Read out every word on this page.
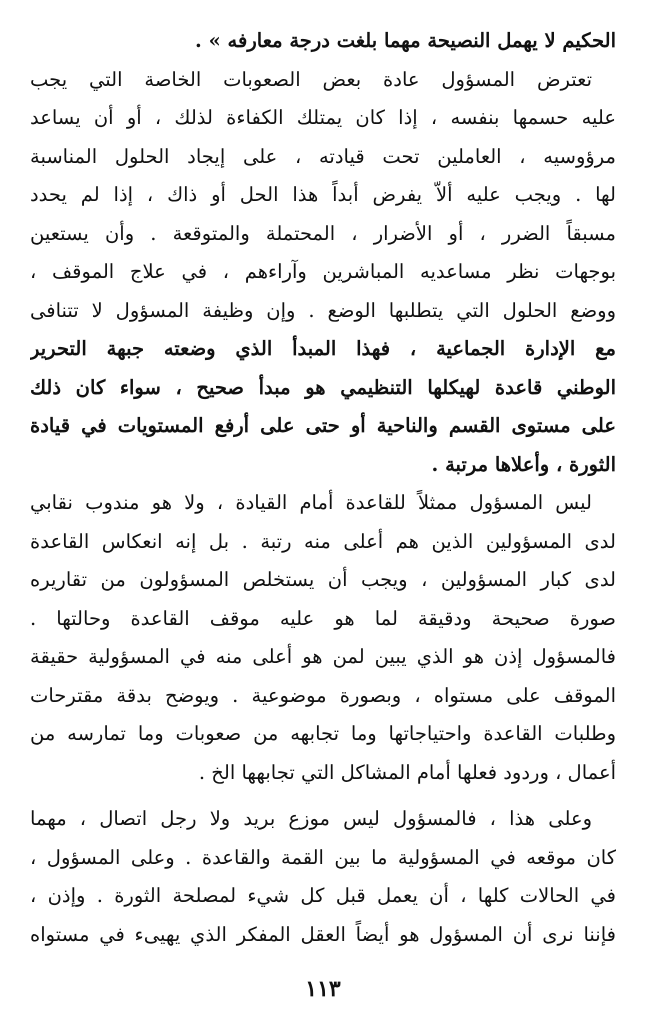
الحكيم لا يهمل النصيحة مهما بلغت درجة معارفه » .
تعترض المسؤول عادة بعض الصعوبات الخاصة التي يجب
عليه حسمها بنفسه ، إذا كان يمتلك الكفاءة لذلك ، أو أن يساعد
مرؤوسيه ، العاملين تحت قيادته ، على إيجاد الحلول المناسبة
لها . ويجب عليه ألاّ يفرض أبداً هذا الحل أو ذاك ، إذا لم يحدد
مسبقاً الضرر ، أو الأضرار ، المحتملة والمتوقعة . وأن يستعين
بوجهات نظر مساعديه المباشرين وآراءهم ، في علاج الموقف ،
ووضع الحلول التي يتطلبها الوضع . وإن وظيفة المسؤول لا تتنافى
مع الإدارة الجماعية ، فهذا المبدأ الذي وضعته جبهة التحرير
الوطني قاعدة لهيكلها التنظيمي هو مبدأ صحيح ، سواء كان ذلك
على مستوى القسم والناحية أو حتى على أرفع المستويات في قيادة
الثورة ، وأعلاها مرتبة .
ليس المسؤول ممثلاً للقاعدة أمام القيادة ، ولا هو مندوب نقابي
لدى المسؤولين الذين هم أعلى منه رتبة . بل إنه انعكاس القاعدة
لدى كبار المسؤولين ، ويجب أن يستخلص المسؤولون من تقاريره
صورة صحيحة ودقيقة لما هو عليه موقف القاعدة وحالتها .
فالمسؤول إذن هو الذي يبين لمن هو أعلى منه في المسؤولية حقيقة
الموقف على مستواه ، وبصورة موضوعية . ويوضح بدقة مقترحات
وطلبات القاعدة واحتياجاتها وما تجابهه من صعوبات وما تمارسه من
أعمال ، وردود فعلها أمام المشاكل التي تجابهها الخ .
وعلى هذا ، فالمسؤول ليس موزع بريد ولا رجل اتصال ، مهما
كان موقعه في المسؤولية ما بين القمة والقاعدة . وعلى المسؤول ،
في الحالات كلها ، أن يعمل قبل كل شيء لمصلحة الثورة . وإذن ،
فإننا نرى أن المسؤول هو أيضاً العقل المفكر الذي يهيىء في مستواه
١١٣
